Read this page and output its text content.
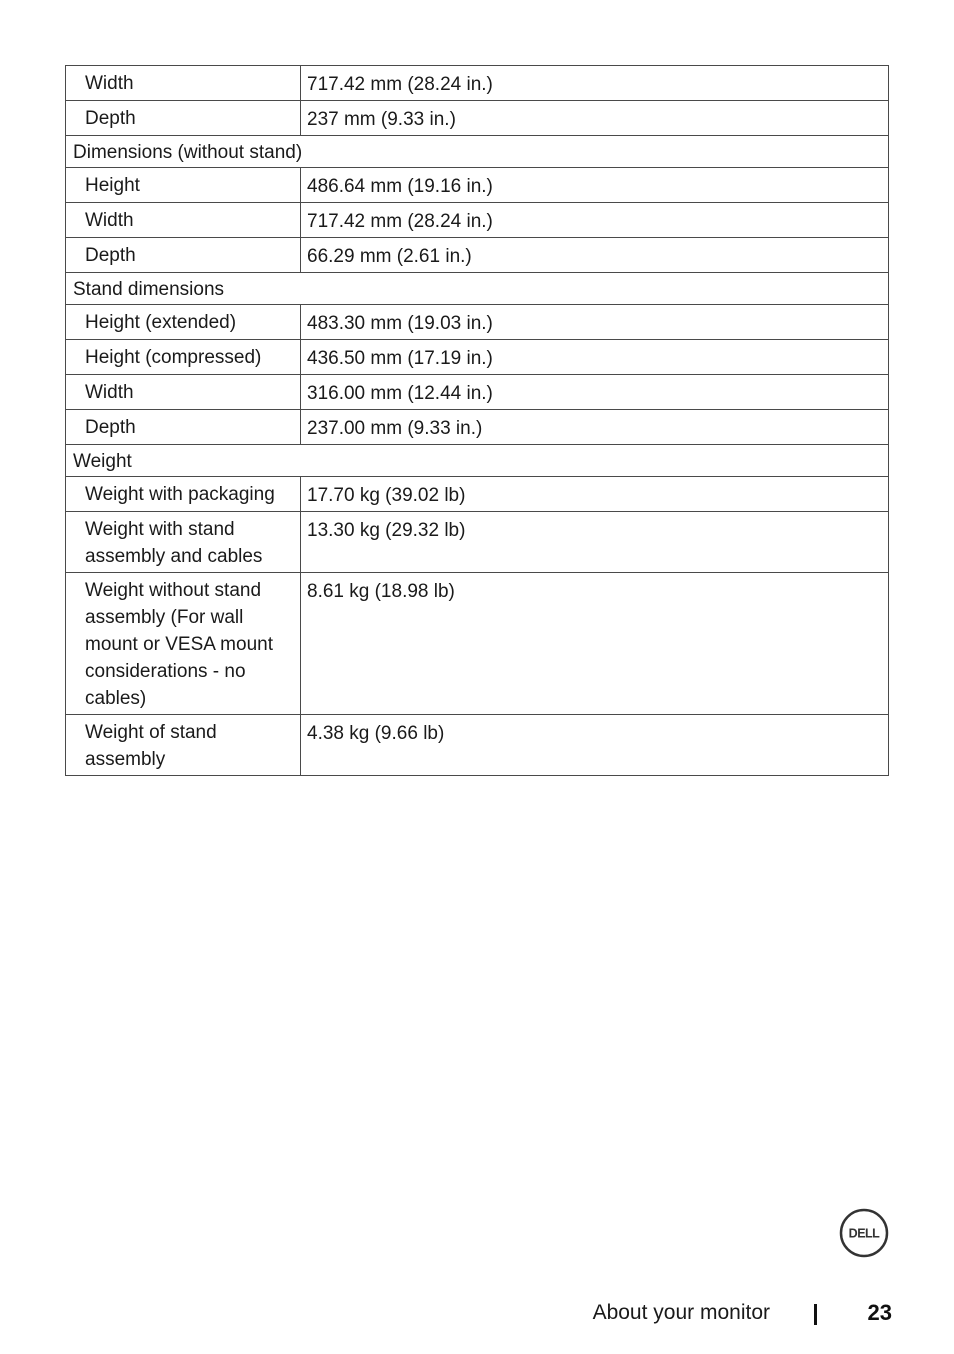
Width	717.42 mm (28.24 in.)
Depth	237 mm (9.33 in.)
Dimensions (without stand)	
Height	486.64 mm (19.16 in.)
Width	717.42 mm (28.24 in.)
Depth	66.29 mm (2.61 in.)
Stand dimensions	
Height (extended)	483.30 mm (19.03 in.)
Height (compressed)	436.50 mm (17.19 in.)
Width	316.00 mm (12.44 in.)
Depth	237.00 mm (9.33 in.)
Weight	
Weight with packaging	17.70 kg (39.02 lb)
Weight with stand assembly and cables	13.30 kg (29.32 lb)
Weight without stand assembly (For wall mount or VESA mount considerations - no cables)	8.61 kg (18.98 lb)
Weight of stand assembly	4.38 kg (9.66 lb)
DELL
About your monitor	23
